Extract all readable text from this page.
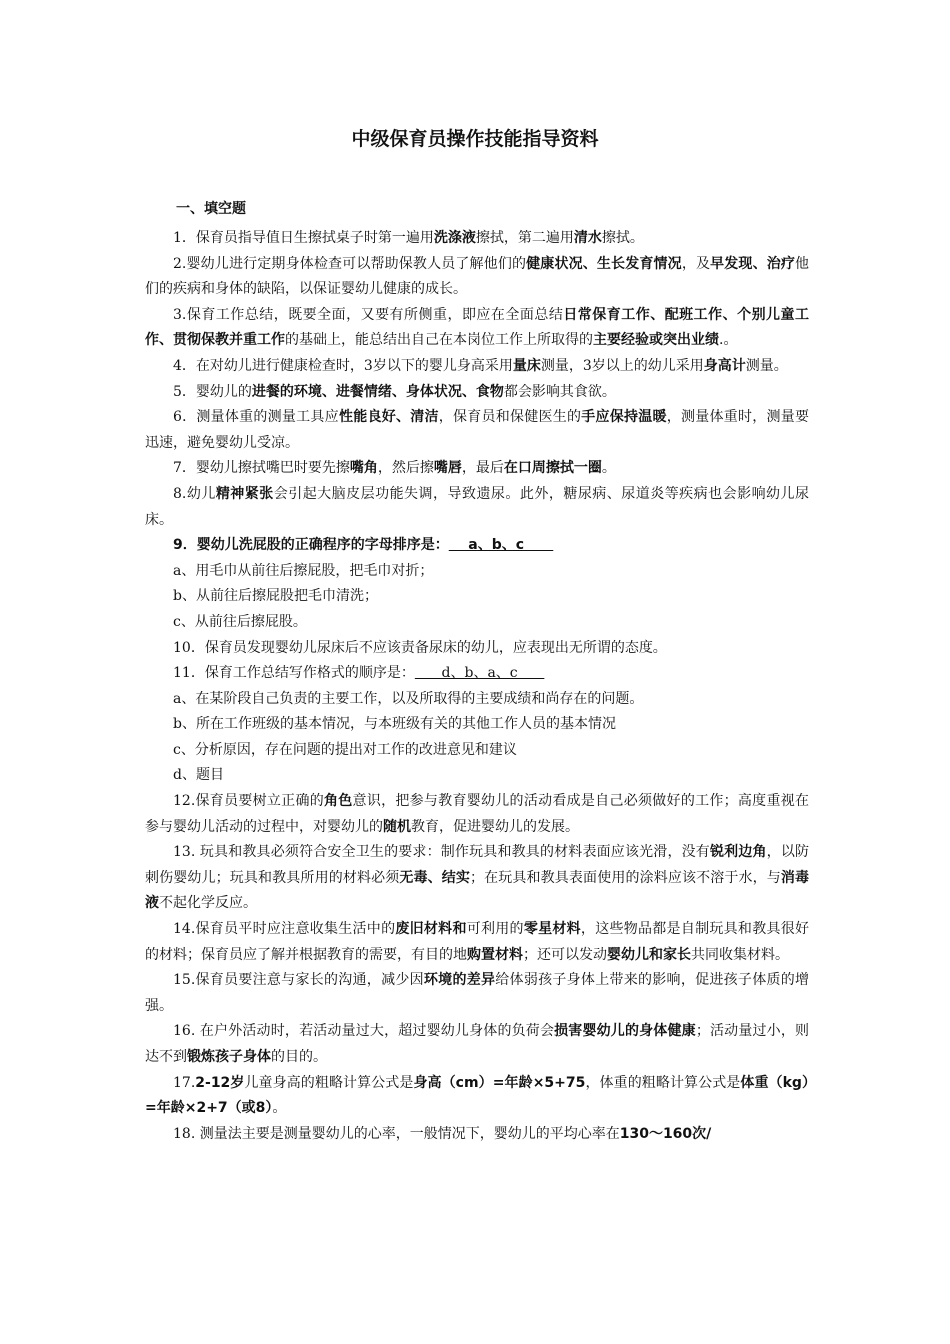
中级保育员操作技能指导资料
一、填空题

1．保育员指导值日生擦拭桌子时第一遍用洗涤液擦拭，第二遍用清水擦拭。

2.婴幼儿进行定期身体检查可以帮助保教人员了解他们的健康状况、生长发育情况，及早发现、治疗他们的疾病和身体的缺陷，以保证婴幼儿健康的成长。

3.保育工作总结，既要全面，又要有所侧重，即应在全面总结日常保育工作、配班工作、个别儿童工作、贯彻保教并重工作的基础上，能总结出自己在本岗位工作上所取得的主要经验或突出业绩.。

4．在对幼儿进行健康检查时，3岁以下的婴儿身高采用量床测量，3岁以上的幼儿采用身高计测量。

5．婴幼儿的进餐的环境、进餐情绪、身体状况、食物都会影响其食欲。

6．测量体重的测量工具应性能良好、清洁，保育员和保健医生的手应保持温暖，测量体重时，测量要迅速，避免婴幼儿受凉。

7．婴幼儿擦拭嘴巴时要先擦嘴角，然后擦嘴唇，最后在口周擦拭一圈。

8.幼儿精神紧张会引起大脑皮层功能失调，导致遗尿。此外，糖尿病、尿道炎等疾病也会影响幼儿尿床。

9．婴幼儿洗屁股的正确程序的字母排序是：    a、b、c

a、用毛巾从前往后擦屁股，把毛巾对折；

b、从前往后擦屁股把毛巾清洗；

c、从前往后擦屁股。

10．保育员发现婴幼儿尿床后不应该责备尿床的幼儿，应表现出无所谓的态度。

11．保育工作总结写作格式的顺序是：      d、b、a、c

a、在某阶段自己负责的主要工作，以及所取得的主要成绩和尚存在的问题。

b、所在工作班级的基本情况，与本班级有关的其他工作人员的基本情况

c、分析原因，存在问题的提出对工作的改进意见和建议

d、题目

12.保育员要树立正确的角色意识，把参与教育婴幼儿的活动看成是自己必须做好的工作；高度重视在参与婴幼儿活动的过程中，对婴幼儿的随机教育，促进婴幼儿的发展。

13. 玩具和教具必须符合安全卫生的要求：制作玩具和教具的材料表面应该光滑，没有锐利边角，以防刺伤婴幼儿；玩具和教具所用的材料必须无毒、结实；在玩具和教具表面使用的涂料应该不溶于水，与消毒液不起化学反应。

14.保育员平时应注意收集生活中的废旧材料和可利用的零星材料，这些物品都是自制玩具和教具很好的材料；保育员应了解并根据教育的需要，有目的地购置材料；还可以发动婴幼儿和家长共同收集材料。

15.保育员要注意与家长的沟通，减少因环境的差异给体弱孩子身体上带来的影响，促进孩子体质的增强。

16. 在户外活动时，若活动量过大，超过婴幼儿身体的负荷会损害婴幼儿的身体健康；活动量过小，则达不到锻炼孩子身体的目的。

17.2-12岁儿童身高的粗略计算公式是身高（cm）=年龄×5+75，体重的粗略计算公式是体重（kg）=年龄×2+7（或8）。

18. 测量法主要是测量婴幼儿的心率，一般情况下，婴幼儿的平均心率在130～160次/
